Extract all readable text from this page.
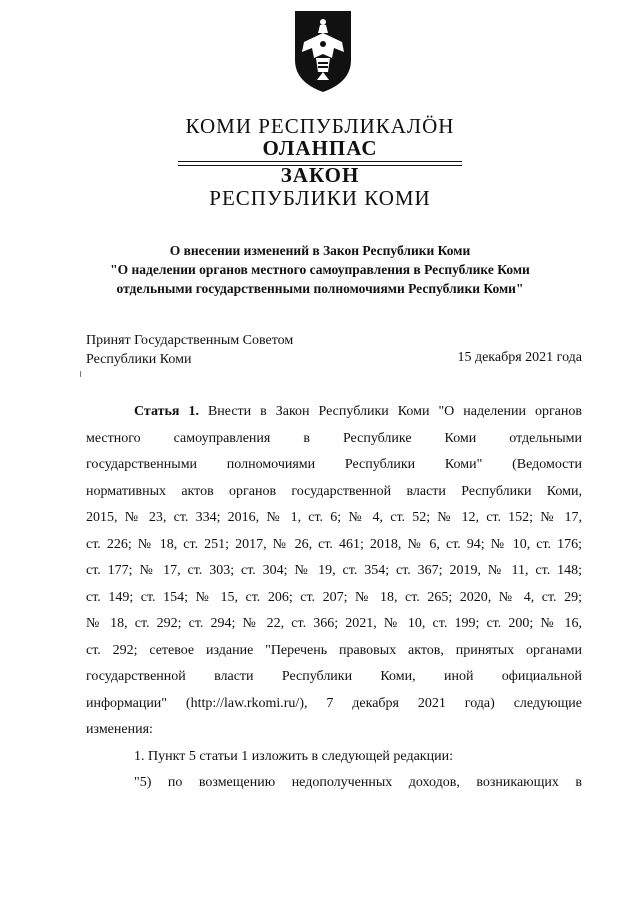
КОМИ РЕСПУБЛИКАЛÖН
ОЛАНПАС
ЗАКОН
РЕСПУБЛИКИ КОМИ
О внесении изменений в Закон Республики Коми
"О наделении органов местного самоуправления в Республике Коми
отдельными государственными полномочиями Республики Коми"
Принят Государственным Советом
Республики Коми	15 декабря 2021 года
Статья 1. Внести в Закон Республики Коми "О наделении органов
местного самоуправления в Республике Коми отдельными
государственными полномочиями Республики Коми" (Ведомости
нормативных актов органов государственной власти Республики Коми,
2015, № 23, ст. 334; 2016, № 1, ст. 6; № 4, ст. 52; № 12, ст. 152; № 17,
ст. 226; № 18, ст. 251; 2017, № 26, ст. 461; 2018, № 6, ст. 94; № 10, ст. 176;
ст. 177; № 17, ст. 303; ст. 304; № 19, ст. 354; ст. 367; 2019, № 11, ст. 148;
ст. 149; ст. 154; № 15, ст. 206; ст. 207; № 18, ст. 265; 2020, № 4, ст. 29;
№ 18, ст. 292; ст. 294; № 22, ст. 366; 2021, № 10, ст. 199; ст. 200; № 16,
ст. 292; сетевое издание "Перечень правовых актов, принятых органами
государственной власти Республики Коми, иной официальной
информации" (http://law.rkomi.ru/), 7 декабря 2021 года) следующие
изменения:
1. Пункт 5 статьи 1 изложить в следующей редакции:
"5) по возмещению недополученных доходов, возникающих в
